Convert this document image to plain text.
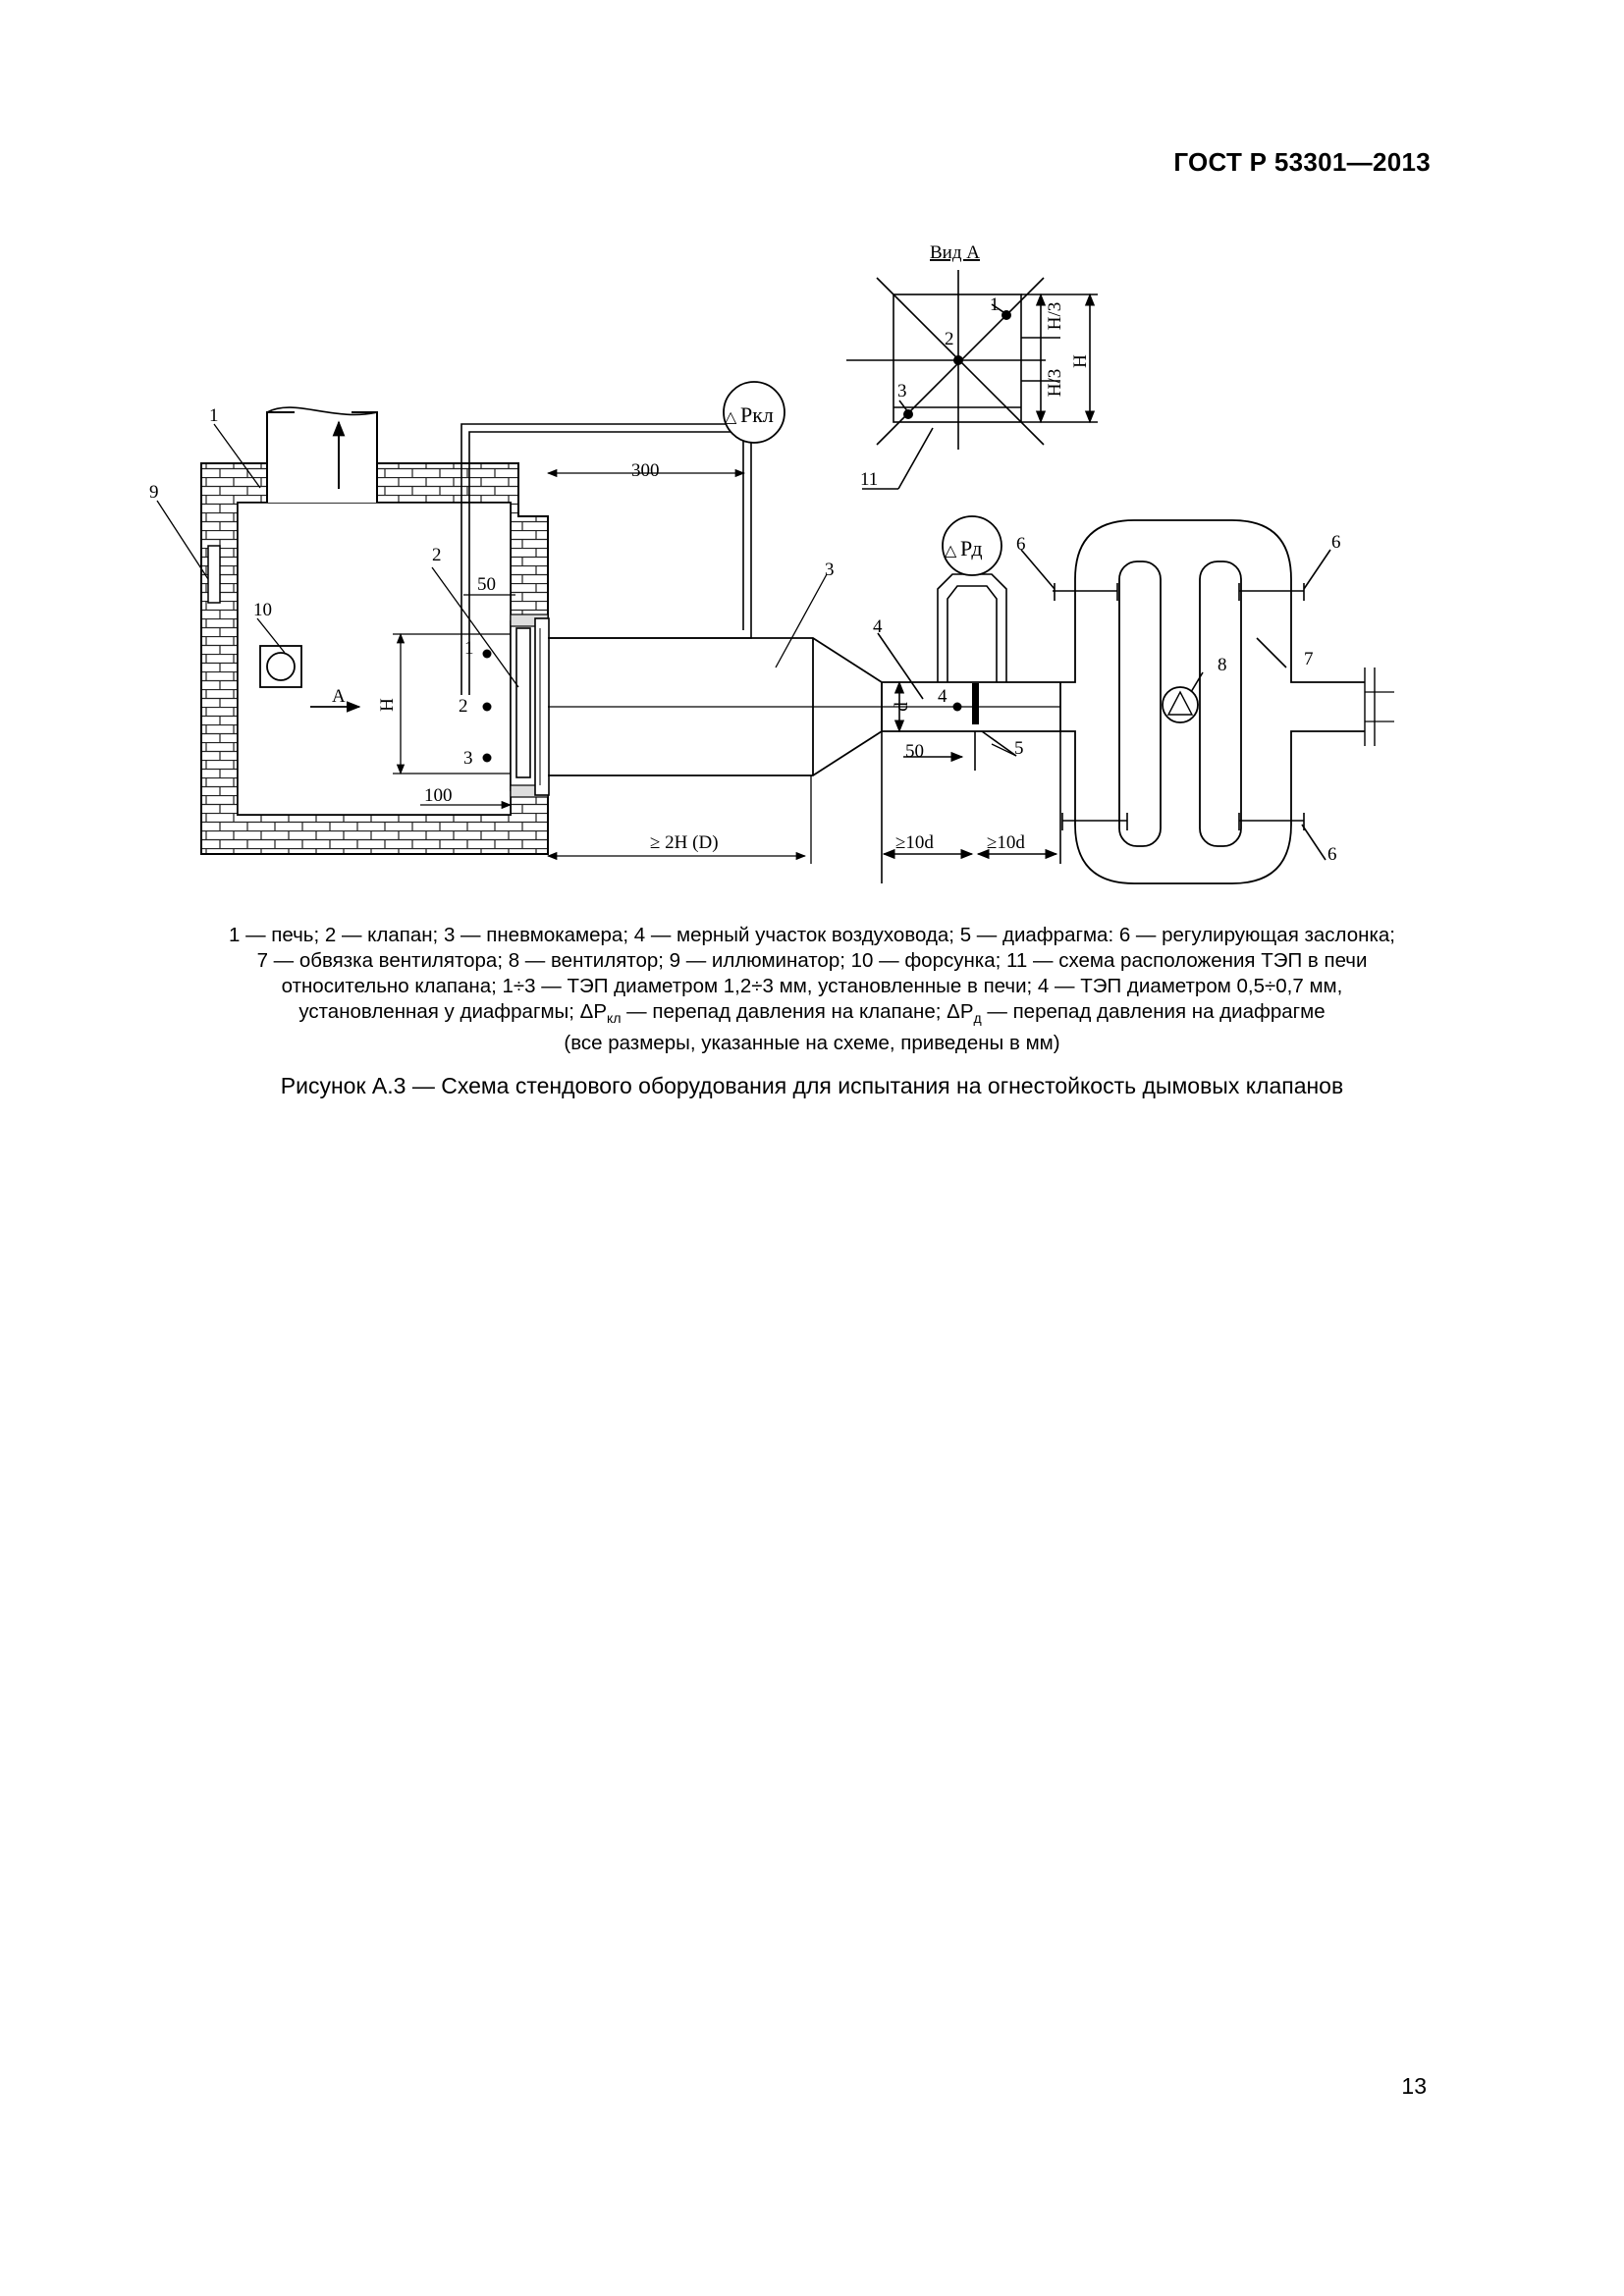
ГОСТ Р 53301—2013
Вид А
1
2
3
H/3
H/3
H
11
A
1
2
3
H
50
300
100
≥ 2H (D)
△ Ркл
4
d
50
≥10d	≥10d
△ Рд
1
2
3
4
5
6	6
6
7
8
9
10
1 — печь; 2 — клапан; 3 — пневмокамера; 4 — мерный участок воздуховода; 5 — диафрагма: 6 — регулирующая заслонка;
7 — обвязка вентилятора; 8 — вентилятор; 9 — иллюминатор; 10 — форсунка; 11 — схема расположения ТЭП в печи
относительно клапана; 1÷3 — ТЭП диаметром 1,2÷3 мм, установленные в печи; 4 — ТЭП диаметром 0,5÷0,7 мм,
установленная у диафрагмы; $\Delta P_{кл}$ — перепад давления на клапане; $\Delta P_д$ — перепад давления на диафрагме
(все размеры, указанные на схеме, приведены в мм)
Рисунок А.3 — Схема стендового оборудования для испытания на огнестойкость дымовых клапанов
13
